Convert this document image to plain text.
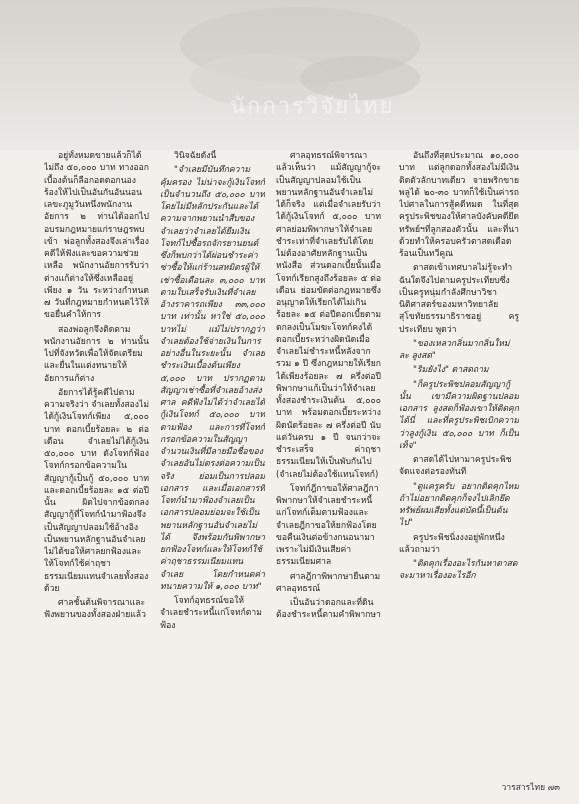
นักการวิจัยไทย

อยู่ทั้งหมดขายแล้วก็ได้ไม่ถึง ๕๐,๐๐๐ บาท ทางออกเบื้องต้นก็ลือกอดดอกนองร้องให้ไปเป็นอันกันอันนอน เลขะภูมูวันหนึ่งพนักงานอัยการ ๒ ท่านได้ออกไปอบรมกฎหมายแก่ราษฎรพบเข้า พ่อลูกทั้งสองจึงเล่าเรื่องคดีให้ฟังและขอความช่วยเหลือ พนักงานอัยการรับว่าต่างแก้ต่างให้ซึ่งเหลืออยู่เพียง ๑ วัน ระหว่างกำหนด ๗ วันที่กฎหมายกำหนดไว้ให้ขอยื่นคำให้การ

สองพ่อลูกจึงติดตามพนักงานอัยการ ๒ ท่านนั้นไปที่จังหวัดเพื่อให้จัดเตรียมและยื่นในแต่งทนายให้อัยการแก้ต่าง

อัยการได้รู้คดีไปตามความจริงว่า จำเลยทั้งสองไม่ได้กู้เงินโจทก์เพียง ๕,๐๐๐ บาท ดอกเบี้ยร้อยละ ๒ ต่อเดือน จำเลยไม่ได้กู้เงิน ๕๐,๐๐๐ บาท ดังโจทก์ฟ้อง โจทก์กรอกข้อความในสัญญากู้เป็นกู้ ๕๐,๐๐๐ บาท และดอกเบี้ยร้อยละ ๑๕ ต่อปีนั้น ผิดไปจากข้อตกลงสัญญากู้ที่โจทก์นำมาฟ้องจึงเป็นสัญญาปลอมใช้อ้างอิงเป็นพยานหลักฐานอันจำเลยไม่ได้ขอให้ศาลยกฟ้องและให้โจทก์ใช้ค่าฤชาธรรมเนียมแทนจำเลยทั้งสองด้วย

ศาลชั้นต้นพิจารณาและฟังพยานของทั้งสองฝ่ายแล้ว

วินิจฉัยดังนี้

"จำเลยมีบันทึกความคุ้มครอง ไม่น่าจะกู้เงินโจทก์เป็นจำนวนถึง ๕๐,๐๐๐ บาท โดยไม่มีหลักประกันและได้ความจากพยานนำสืบของจำเลยว่าจำเลยได้ยืมเงินโจทก์ไปซื้อรถจักรยานยนต์ซึ่งก็พบกว่าได้ผ่อนชำระค่าซ่าซื้อให้แก่ร้านสหมิตรผู้ให้เช่าซื้อเดือนละ ๓,๐๐๐ บาท ตามใบเสร็จรับเงินที่จำเลยอ้างราคารถเพียง ๓๓,๐๐๐ บาท เท่านั้น หาใช่ ๕๐,๐๐๐ บาทไม่ แม้ไม่ปรากฏว่าจำเลยต้องใช้จ่ายเงินในการอย่างอื่นในระยะนั้น จำเลยชำระเงินเบื้องต้นเพียง ๕,๐๐๐ บาท ปรากฏตามสัญญาเช่าซื้อที่จำเลยอ้างส่งศาล คดีฟังไม่ได้ว่าจำเลยได้กู้เงินโจทก์ ๕๐,๐๐๐ บาท ตามฟ้อง และการที่โจทก์กรอกข้อความในสัญญาจำนวนเงินที่มีลายมือชื่อของจำเลยอันไม่ตรงต่อความเป็นจริง ย่อมเป็นการปลอมเอกสาร และเมื่อเอกสารที่โจทก์นำมาฟ้องจำเลยเป็นเอกสารปลอมย่อมจะใช้เป็นพยานหลักฐานอันจำเลยไม่ได้ จึงพร้อมกันพิพากษายกฟ้องโจทก์และให้โจทก์ใช้ค่าฤชาธรรมเนียมแทนจำเลย โดยกำหนดค่าทนายความให้ ๑,๐๐๐ บาท"

โจทก์อุทธรณ์ขอให้จำเลยชำระหนี้แก่โจทก์ตามฟ้อง

ศาลอุทธรณ์พิจารณาแล้วเห็นว่า แม้สัญญากู้จะเป็นสัญญาปลอมใช้เป็นพยานหลักฐานอันจำเลยไม่ได้ก็จริง แต่เมื่อจำเลยรับว่าได้กู้เงินโจทก์ ๕,๐๐๐ บาท ศาลย่อมพิพากษาให้จำเลยชำระเท่าที่จำเลยรับได้โดยไม่ต้องอาศัยหลักฐานเป็นหนังสือ ส่วนดอกเบี้ยนั้นเมื่อโจทก์เรียกสูงถึงร้อยละ ๕ ต่อเดือน ย่อมขัดต่อกฎหมายซึ่งอนุญาตให้เรียกได้ไม่เกินร้อยละ ๑๕ ต่อปีดอกเบี้ยตามตกลงเป็นโมฆะโจทก์คงได้ดอกเบี้ยระหว่างผิดนัดเมื่อจำเลยไม่ชำระหนี้หลังจากรวม ๑ ปี ซึ่งกฎหมายให้เรียกได้เพียงร้อยละ ๗ ครึ่งต่อปี พิพากษาแก้เป็นว่าให้จำเลยทั้งสองชำระเงินต้น ๕,๐๐๐ บาท พร้อมดอกเบี้ยระหว่างผิดนัดร้อยละ ๗ ครึ่งต่อปี นับแต่วันครบ ๑ ปี จนกว่าจะชำระเสร็จ ค่าฤชาธรรมเนียมให้เป็นพับกันไป (จำเลยไม่ต้องใช้แทนโจทก์)

โจทก์ฎีกาขอให้ศาลฎีกาพิพากษาให้จำเลยชำระหนี้แก่โจทก์เต็มตามฟ้องและจำเลยฎีกาขอให้ยกฟ้องโดยขอคืนเงินต่อข้างกนอนามาเพราะไม่มีเงินเสียค่าธรรมเนียมศาล

ศาลฎีกาพิพากษายืนตามศาลอุทธรณ์

เป็นอันว่าดอกและที่ดินต้องชำระหนี้ตามคำพิพากษา

อันถึงที่สุดประมาณ ๑๐,๐๐๐ บาท แต่ลูกดอกทั้งสองไม่มีเงินติดตัวลักบาทเดียว จายพริกขายพลูได้ ๒๐-๓๐ บาทก็ใช้เป็นค่ารถไปศาลในการสู้คดีหมด ในที่สุด ครูประพิชของให้ศาลบังคับคดียึดทรัพย์ฯที่ลูกสองตัวนั้น และที่นาด้วยทำให้ครอบครัวตาสดเดือดร้อนเป็นทวีคูณ

ตาสดเข้าเทศบาลไม่รู้จะทำฉันใดจึงไปตามครูประเทียบซึ่งเป็นครูหนุ่มกำลังศึกษาวิชานิติศาสตร์ของมหาวิทยาลัยสุโขทัยธรรมาธิราชอยู่ ครูประเทียบ พูดว่า

"ของเหลวกลิ่นมากลิ่นใหม่ละ ลูงสด"

"ริมยังไง" ตาสดถาม

"ก็ครูประพิชปลอมสัญญากู้นั้น เขามีความผิดฐานปลอมเอกสาร ลูงสดก็ฟ้องเขาให้ติดคุกได้นี่ และที่ครูประพิชเบิกความว่าลูงกู้เงิน ๕๐,๐๐๐ บาท ก็เป็นเท็จ"

ตาสดได้ไปหามาครูประพิช จัดแจงต่อรองทันที

"ตูแครูครับ อยากติดคุกไหม ถ้าไม่อยากติดคุกก็จงไปเลิกยึดทรัพย์ผมเสียทั้งแต่บัดนี้เป็นต้นไป"

ครูประพิชนิ่งงงอยู่พักหนึ่งแล้วถามว่า

"ติดคุกเรื่องอะไรกันหาตาสด จะมาหาเรื่องอะไรอีก

วารสารไทย ๗๓
